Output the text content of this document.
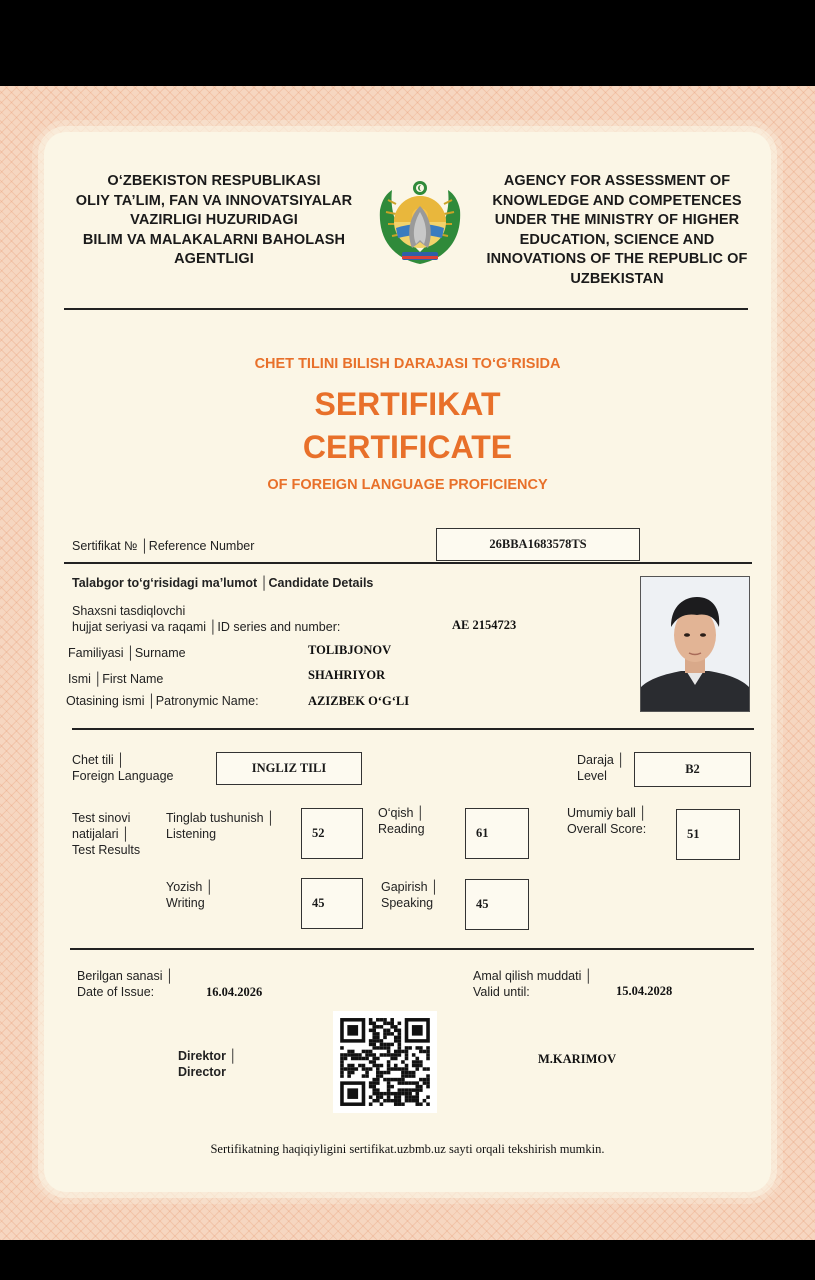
O‘ZBEKISTON RESPUBLIKASI
OLIY TA’LIM, FAN VA INNOVATSIYALAR
VAZIRLIGI HUZURIDAGI
BILIM VA MALAKALARNI BAHOLASH
AGENTLIGI
AGENCY FOR ASSESSMENT OF
KNOWLEDGE AND COMPETENCES
UNDER THE MINISTRY OF HIGHER
EDUCATION, SCIENCE AND
INNOVATIONS OF THE REPUBLIC OF
UZBEKISTAN
CHET TILINI BILISH DARAJASI TO‘G‘RISIDA
SERTIFIKAT
CERTIFICATE
OF FOREIGN LANGUAGE PROFICIENCY
Sertifikat № │Reference Number	26BBA1683578TS
Talabgor to‘g‘risidagi ma’lumot │Candidate Details
Shaxsni tasdiqlovchi
hujjat seriyasi va raqami │ID series and number:	AE 2154723
Familiyasi │Surname	TOLIBJONOV
Ismi │First Name	SHAHRIYOR
Otasining ismi │Patronymic Name:	AZIZBEK O‘G‘LI
Chet tili │
Foreign Language
INGLIZ TILI
Daraja │
Level	B2
Test sinovi
natijalari │
Test Results
Tinglab tushunish │
Listening	52
O‘qish │
Reading	61
Umumiy ball │
Overall Score:	51
Yozish │
Writing	45
Gapirish │
Speaking	45
Berilgan sanasi │
Date of Issue:	16.04.2026
Amal qilish muddati │
Valid until:	15.04.2028
Direktor │
Director
M.KARIMOV
Sertifikatning haqiqiyligini sertifikat.uzbmb.uz sayti orqali tekshirish mumkin.
